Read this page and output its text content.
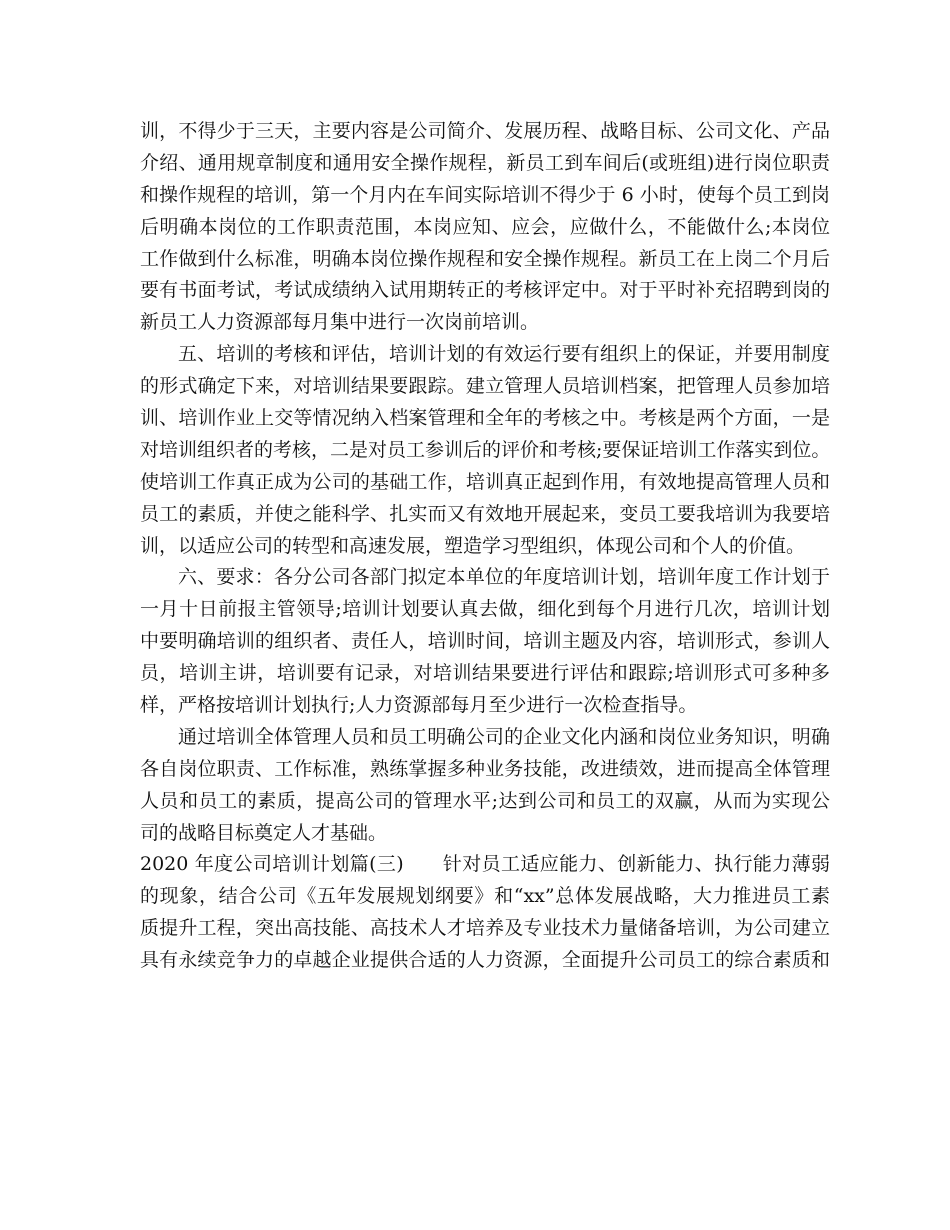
训，不得少于三天，主要内容是公司简介、发展历程、战略目标、公司文化、产品
介绍、通用规章制度和通用安全操作规程，新员工到车间后(或班组)进行岗位职责
和操作规程的培训，第一个月内在车间实际培训不得少于 6 小时，使每个员工到岗
后明确本岗位的工作职责范围，本岗应知、应会，应做什么，不能做什么;本岗位
工作做到什么标准，明确本岗位操作规程和安全操作规程。新员工在上岗二个月后
要有书面考试，考试成绩纳入试用期转正的考核评定中。对于平时补充招聘到岗的
新员工人力资源部每月集中进行一次岗前培训。
五、培训的考核和评估，培训计划的有效运行要有组织上的保证，并要用制度
的形式确定下来，对培训结果要跟踪。建立管理人员培训档案，把管理人员参加培
训、培训作业上交等情况纳入档案管理和全年的考核之中。考核是两个方面，一是
对培训组织者的考核，二是对员工参训后的评价和考核;要保证培训工作落实到位。
使培训工作真正成为公司的基础工作，培训真正起到作用，有效地提高管理人员和
员工的素质，并使之能科学、扎实而又有效地开展起来，变员工要我培训为我要培
训，以适应公司的转型和高速发展，塑造学习型组织，体现公司和个人的价值。
六、要求：各分公司各部门拟定本单位的年度培训计划，培训年度工作计划于
一月十日前报主管领导;培训计划要认真去做，细化到每个月进行几次，培训计划
中要明确培训的组织者、责任人，培训时间，培训主题及内容，培训形式，参训人
员，培训主讲，培训要有记录，对培训结果要进行评估和跟踪;培训形式可多种多
样，严格按培训计划执行;人力资源部每月至少进行一次检查指导。
通过培训全体管理人员和员工明确公司的企业文化内涵和岗位业务知识，明确
各自岗位职责、工作标准，熟练掌握多种业务技能，改进绩效，进而提高全体管理
人员和员工的素质，提高公司的管理水平;达到公司和员工的双赢，从而为实现公
司的战略目标奠定人才基础。
2020 年度公司培训计划篇(三)　　针对员工适应能力、创新能力、执行能力薄弱
的现象，结合公司《五年发展规划纲要》和“xx”总体发展战略，大力推进员工素
质提升工程，突出高技能、高技术人才培养及专业技术力量储备培训，为公司建立
具有永续竞争力的卓越企业提供合适的人力资源，全面提升公司员工的综合素质和
